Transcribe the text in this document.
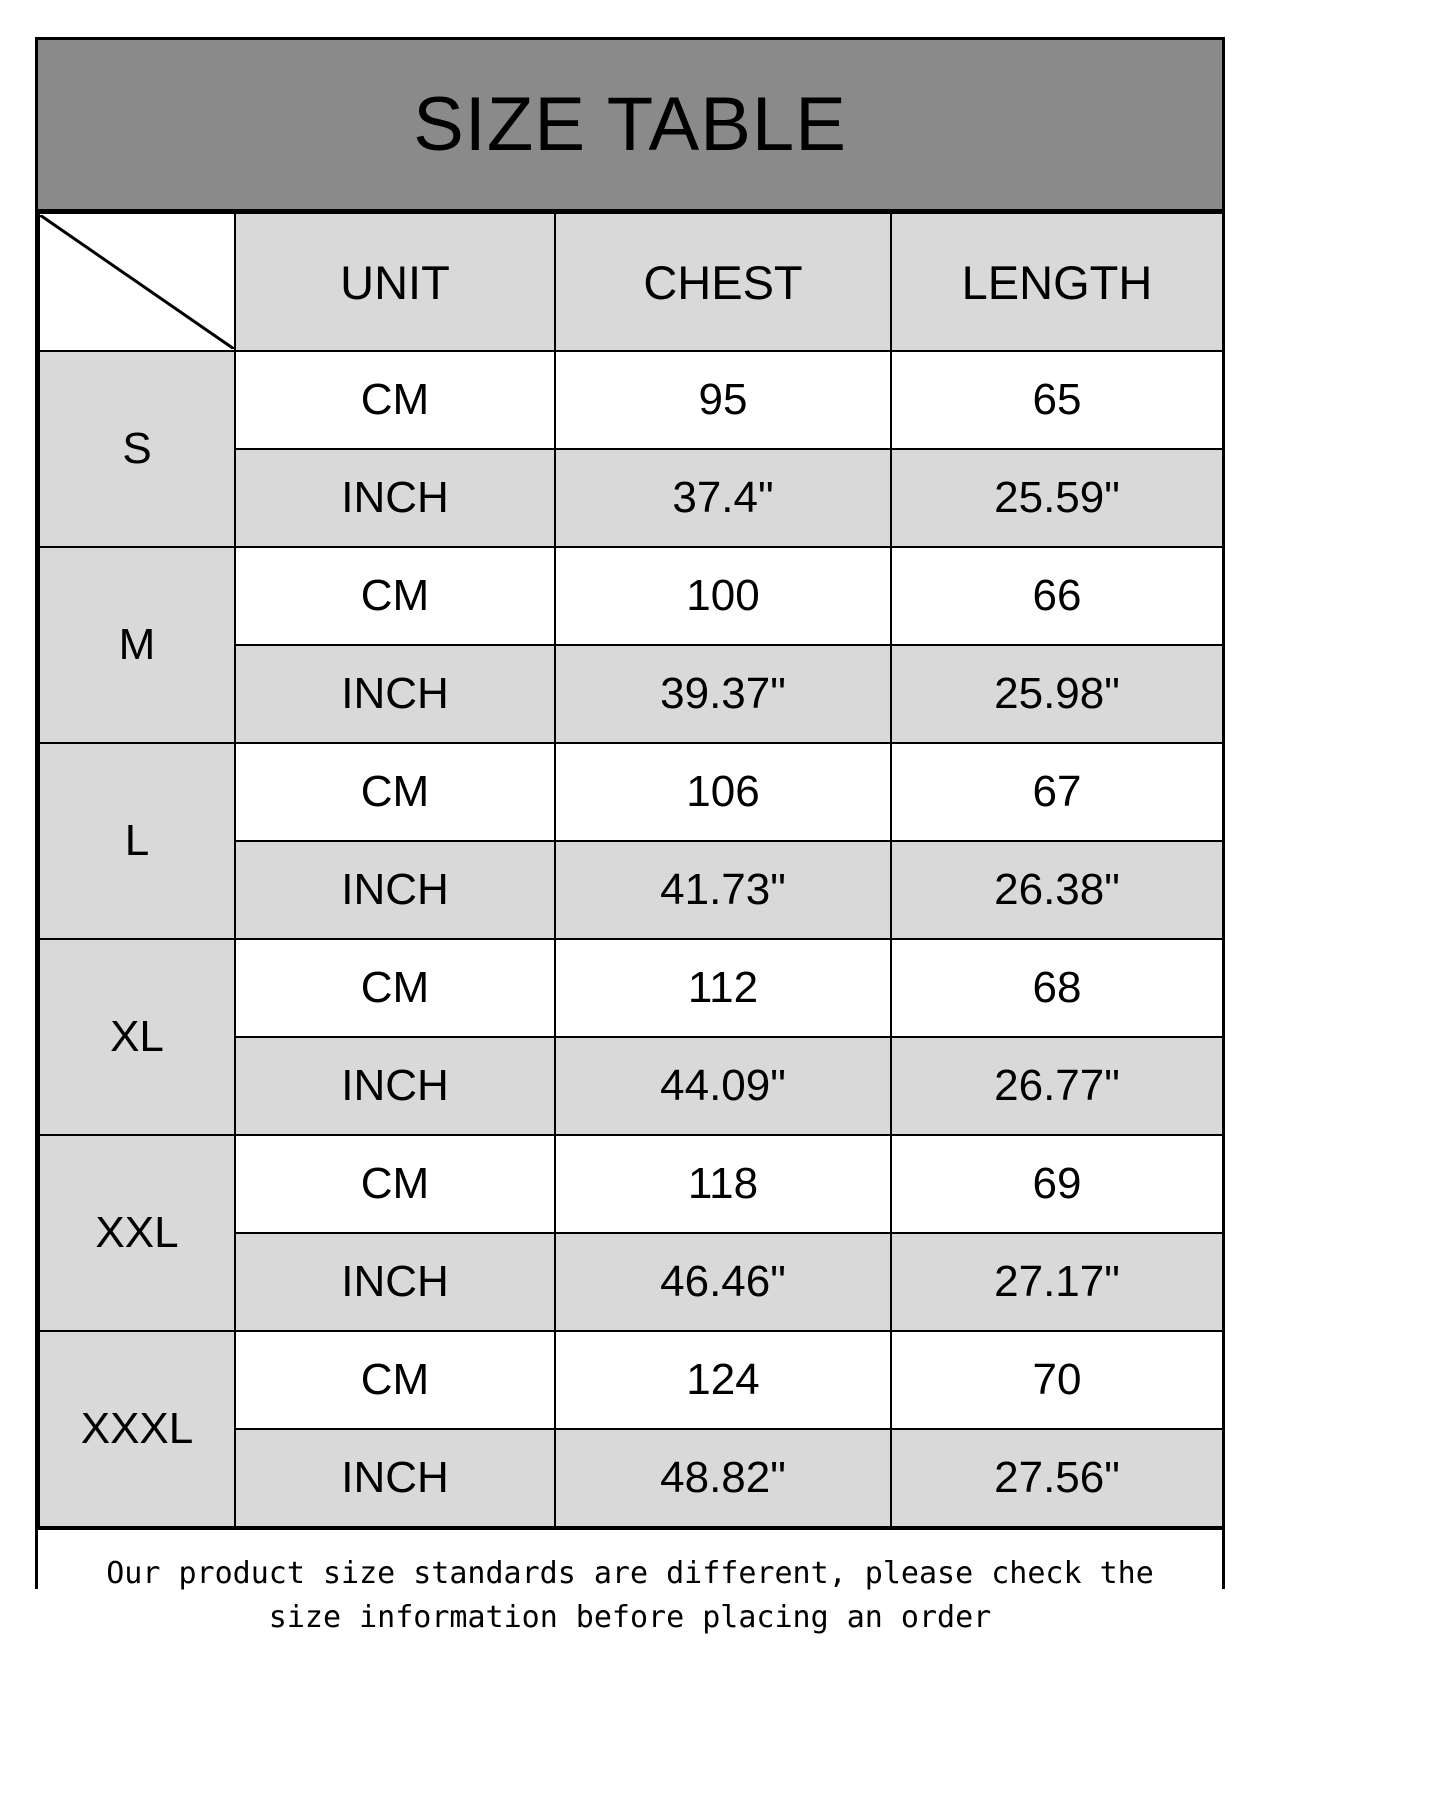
SIZE TABLE
	UNIT	CHEST	LENGTH
S	CM	95	65
	INCH	37.4"	25.59"
M	CM	100	66
	INCH	39.37"	25.98"
L	CM	106	67
	INCH	41.73"	26.38"
XL	CM	112	68
	INCH	44.09"	26.77"
XXL	CM	118	69
	INCH	46.46"	27.17"
XXXL	CM	124	70
	INCH	48.82"	27.56"
Our product size standards are different, please check the size information before placing an order
